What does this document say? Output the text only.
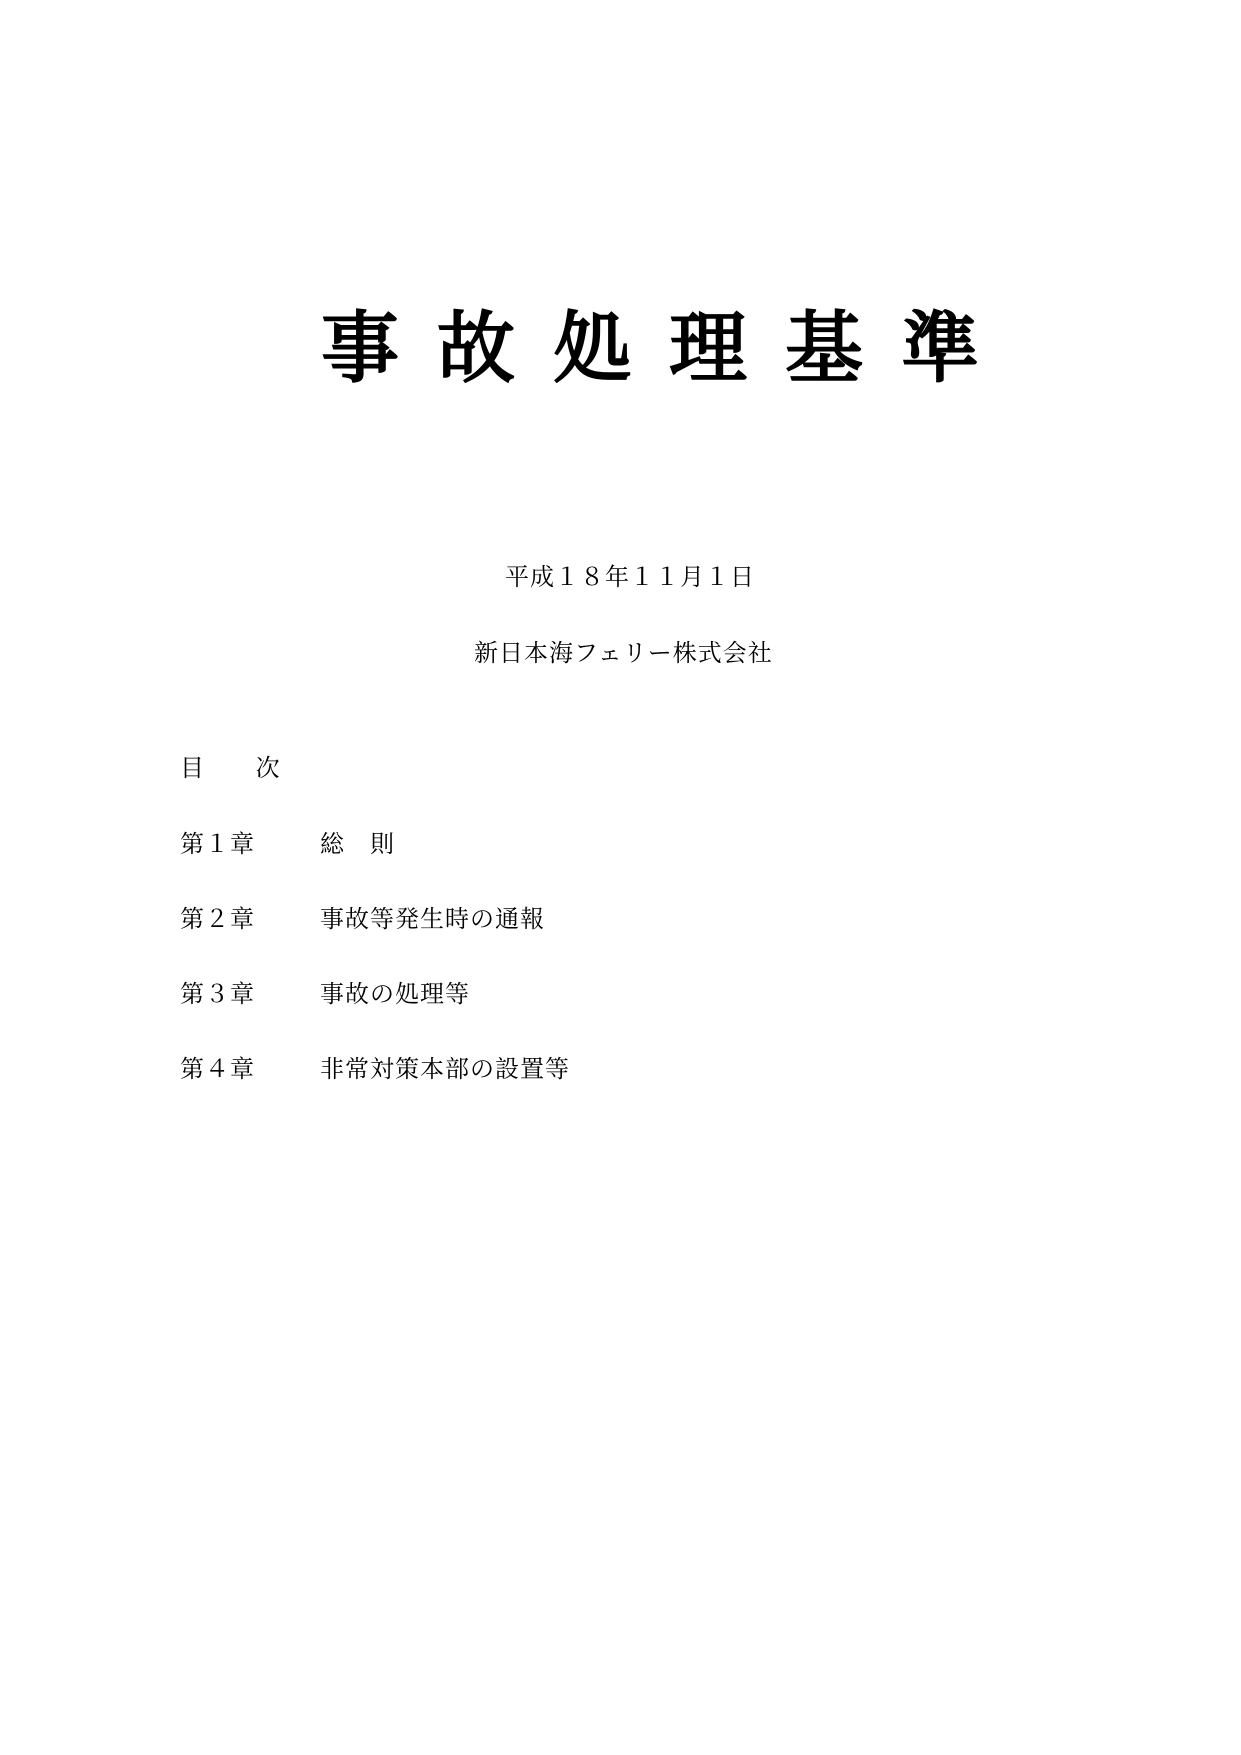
事 故 処 理 基 準
平成１８年１１月１日
新日本海フェリー株式会社
目 次
第１章	総　則
第２章	事故等発生時の通報
第３章	事故の処理等
第４章	非常対策本部の設置等
